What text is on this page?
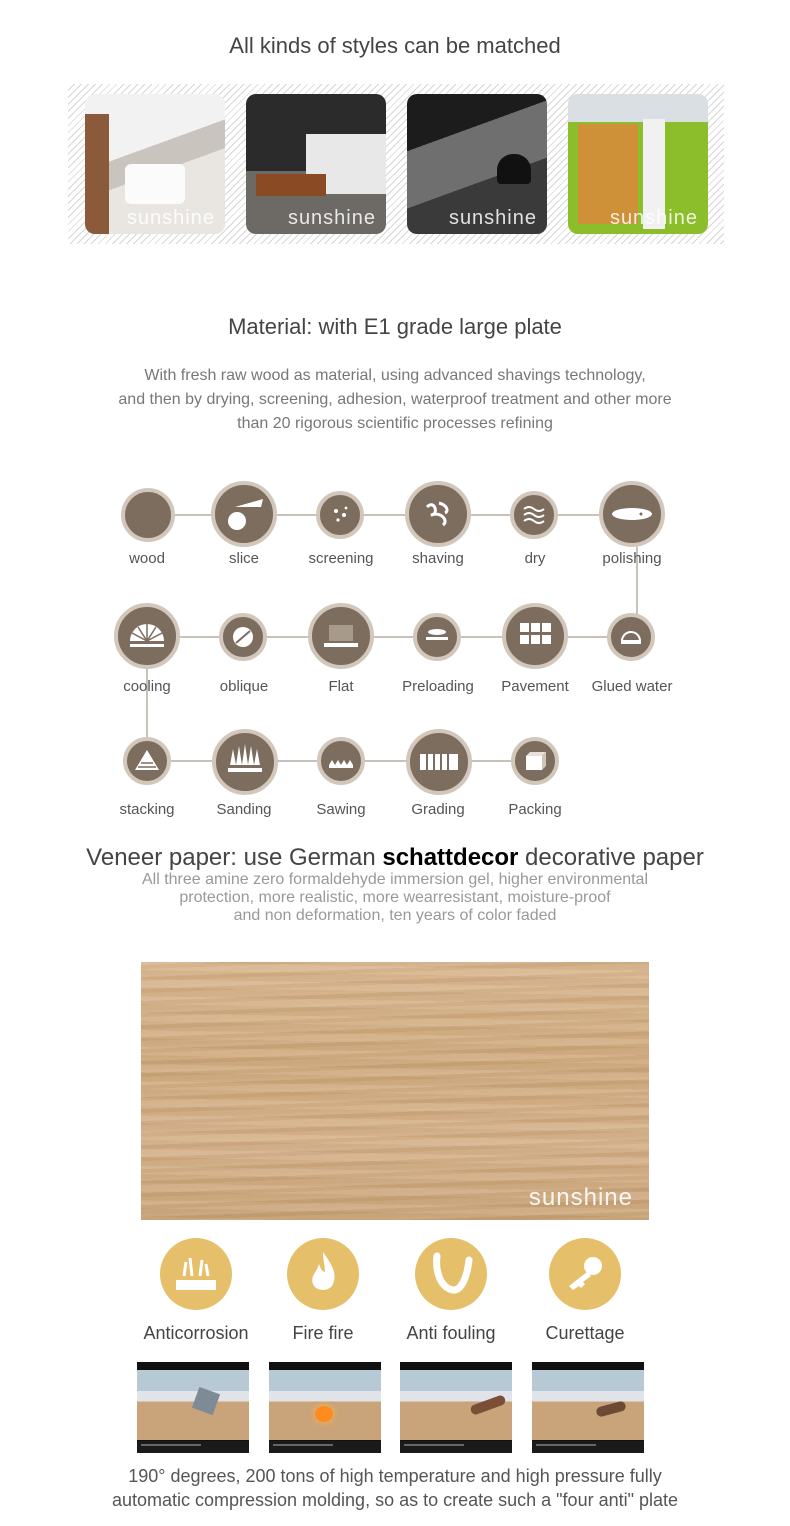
All kinds of styles can be matched
sunshine	sunshine	sunshine	sunshine
Material: with E1 grade large plate
With fresh raw wood as material, using advanced shavings technology,
and then by drying, screening, adhesion, waterproof treatment and other more
than 20 rigorous scientific processes refining
wood	slice	screening	shaving	dry	polishing
cooling	oblique	Flat	Preloading	Pavement	Glued water
stacking	Sanding	Sawing	Grading	Packing
Veneer paper: use German schattdecor decorative paper
All three amine zero formaldehyde immersion gel, higher environmental
protection, more realistic, more wearresistant, moisture-proof
and non deformation, ten years of color faded
sunshine
Anticorrosion	Fire fire	Anti fouling	Curettage
190° degrees, 200 tons of high temperature and high pressure fully
automatic compression molding, so as to create such a "four anti" plate
